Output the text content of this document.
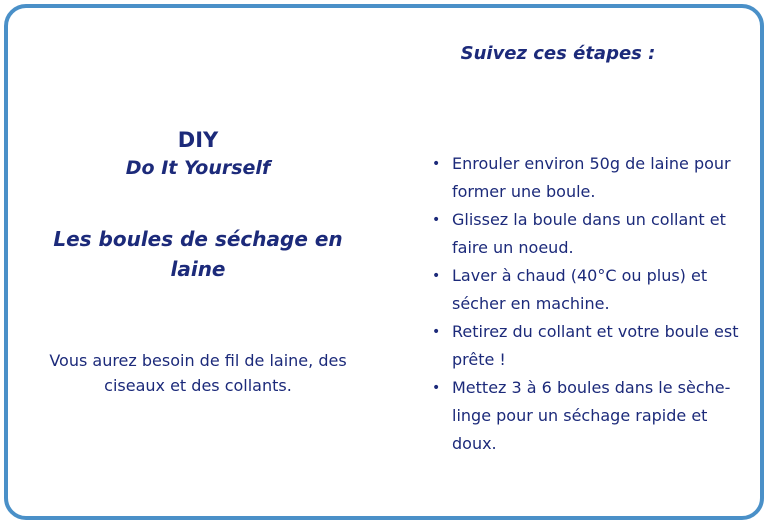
DIY

Do It Yourself

Les boules de séchage en laine

Vous aurez besoin de fil de laine, des ciseaux et des collants.

Suivez ces étapes :

• Enrouler environ 50g de laine pour former une boule.
• Glissez la boule dans un collant et faire un noeud.
• Laver à chaud (40°C ou plus) et sécher en machine.
• Retirez du collant et votre boule est prête !
• Mettez 3 à 6 boules dans le sèche-linge pour un séchage rapide et doux.
